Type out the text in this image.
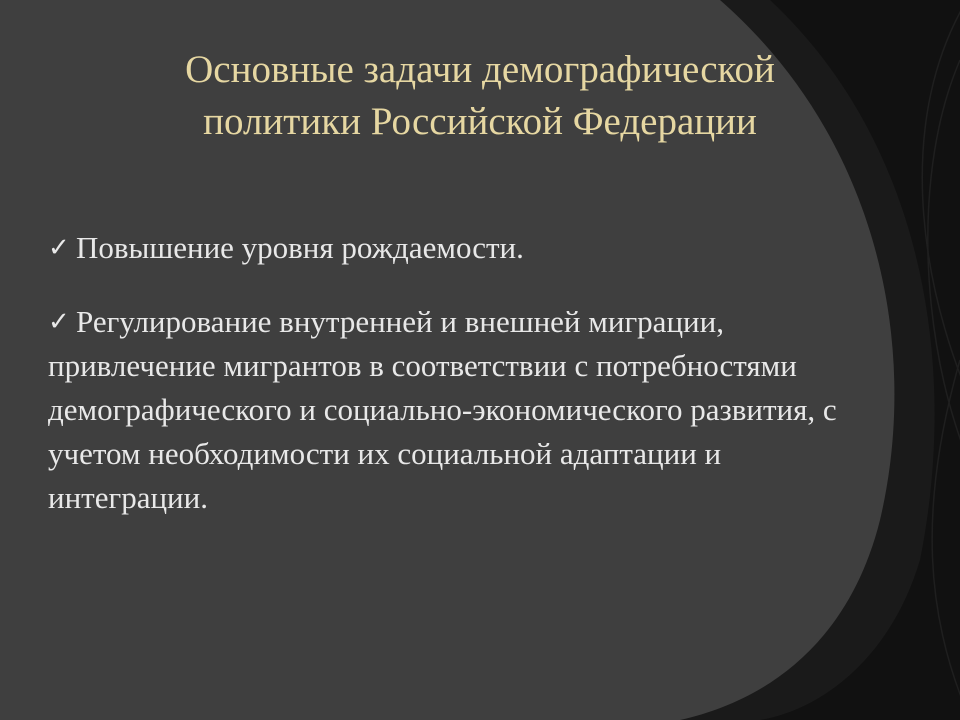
Основные задачи демографической
политики Российской Федерации

✓ Повышение уровня рождаемости.

✓ Регулирование внутренней и внешней миграции, привлечение мигрантов в соответствии с потребностями демографического и социально-экономического развития, с учетом необходимости их социальной адаптации и интеграции.
